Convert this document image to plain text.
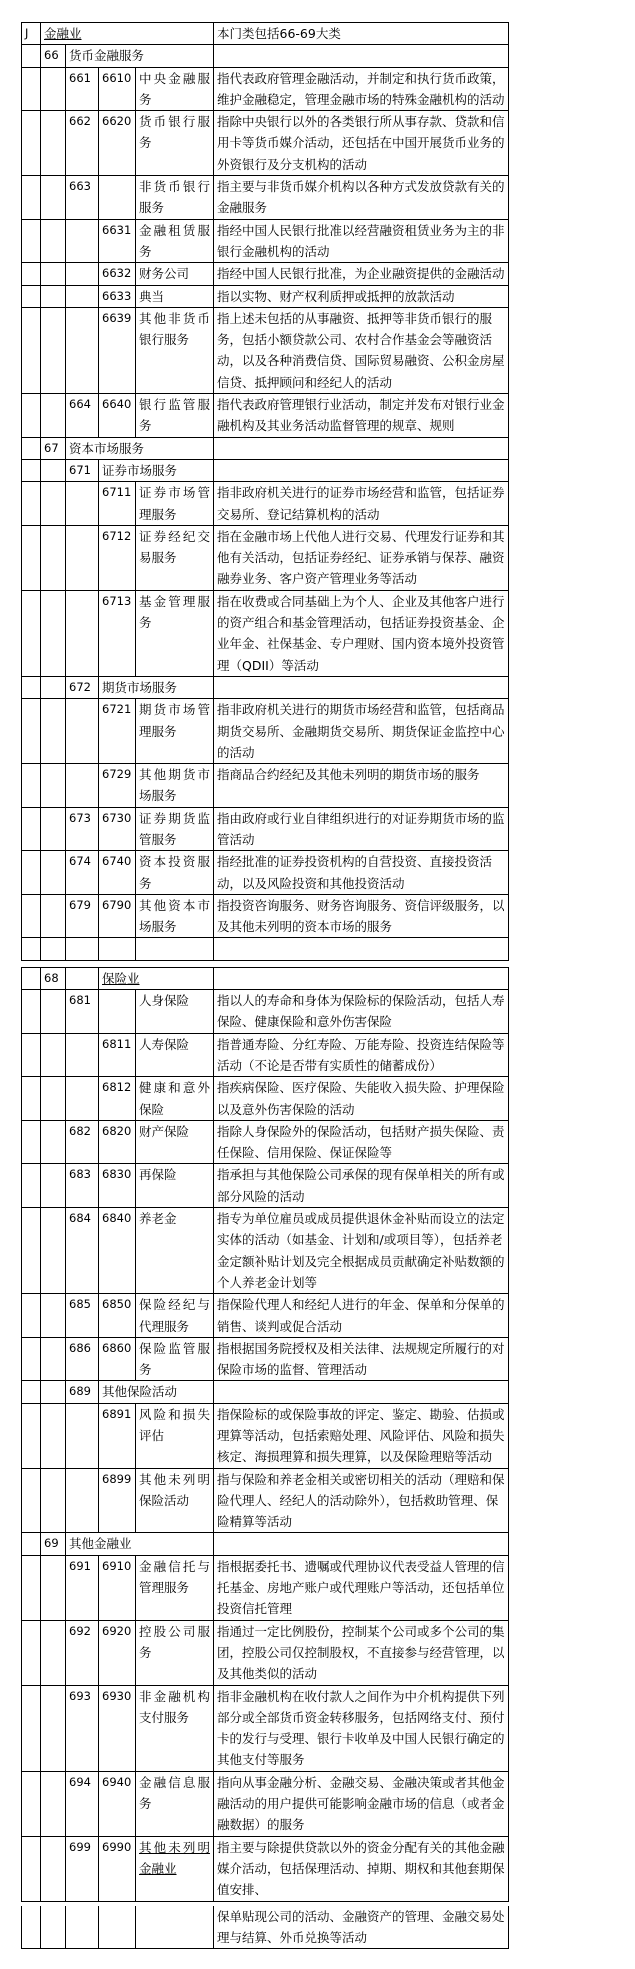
J	金融业				本门类包括66-69大类
	66	货币金融服务			
		661	6610	中央金融服务	指代表政府管理金融活动，并制定和执行货币政策，维护金融稳定，管理金融市场的特殊金融机构的活动
		662	6620	货币银行服务	指除中央银行以外的各类银行所从事存款、贷款和信用卡等货币媒介活动，还包括在中国开展货币业务的外资银行及分支机构的活动
		663		非货币银行服务	指主要与非货币媒介机构以各种方式发放贷款有关的金融服务
			6631	金融租赁服务	指经中国人民银行批准以经营融资租赁业务为主的非银行金融机构的活动
			6632	财务公司	指经中国人民银行批准，为企业融资提供的金融活动
			6633	典当	指以实物、财产权利质押或抵押的放款活动
			6639	其他非货币银行服务	指上述未包括的从事融资、抵押等非货币银行的服务，包括小额贷款公司、农村合作基金会等融资活动，以及各种消费信贷、国际贸易融资、公积金房屋信贷、抵押顾问和经纪人的活动
		664	6640	银行监管服务	指代表政府管理银行业活动，制定并发布对银行业金融机构及其业务活动监督管理的规章、规则
	67	资本市场服务			
		671	证券市场服务		
			6711	证券市场管理服务	指非政府机关进行的证券市场经营和监管，包括证券交易所、登记结算机构的活动
			6712	证券经纪交易服务	指在金融市场上代他人进行交易、代理发行证券和其他有关活动，包括证券经纪、证券承销与保荐、融资融券业务、客户资产管理业务等活动
			6713	基金管理服务	指在收费或合同基础上为个人、企业及其他客户进行的资产组合和基金管理活动，包括证券投资基金、企业年金、社保基金、专户理财、国内资本境外投资管理（QDII）等活动
		672	期货市场服务		
			6721	期货市场管理服务	指非政府机关进行的期货市场经营和监管，包括商品期货交易所、金融期货交易所、期货保证金监控中心的活动
			6729	其他期货市场服务	指商品合约经纪及其他未列明的期货市场的服务
		673	6730	证券期货监管服务	指由政府或行业自律组织进行的对证券期货市场的监管活动
		674	6740	资本投资服务	指经批准的证券投资机构的自营投资、直接投资活动，以及风险投资和其他投资活动
		679	6790	其他资本市场服务	指投资咨询服务、财务咨询服务、资信评级服务，以及其他未列明的资本市场的服务

	68		保险业		
		681		人身保险	指以人的寿命和身体为保险标的保险活动，包括人寿保险、健康保险和意外伤害保险
			6811	人寿保险	指普通寿险、分红寿险、万能寿险、投资连结保险等活动（不论是否带有实质性的储蓄成份）
			6812	健康和意外保险	指疾病保险、医疗保险、失能收入损失险、护理保险以及意外伤害保险的活动
		682	6820	财产保险	指除人身保险外的保险活动，包括财产损失保险、责任保险、信用保险、保证保险等
		683	6830	再保险	指承担与其他保险公司承保的现有保单相关的所有或部分风险的活动
		684	6840	养老金	指专为单位雇员或成员提供退休金补贴而设立的法定实体的活动（如基金、计划和/或项目等），包括养老金定额补贴计划及完全根据成员贡献确定补贴数额的个人养老金计划等
		685	6850	保险经纪与代理服务	指保险代理人和经纪人进行的年金、保单和分保单的销售、谈判或促合活动
		686	6860	保险监管服务	指根据国务院授权及相关法律、法规规定所履行的对保险市场的监督、管理活动
		689	其他保险活动		
			6891	风险和损失评估	指保险标的或保险事故的评定、鉴定、勘验、估损或理算等活动，包括索赔处理、风险评估、风险和损失核定、海损理算和损失理算，以及保险理赔等活动
			6899	其他未列明保险活动	指与保险和养老金相关或密切相关的活动（理赔和保险代理人、经纪人的活动除外），包括救助管理、保险精算等活动
	69	其他金融业			
		691	6910	金融信托与管理服务	指根据委托书、遗嘱或代理协议代表受益人管理的信托基金、房地产账户或代理账户等活动，还包括单位投资信托管理
		692	6920	控股公司服务	指通过一定比例股份，控制某个公司或多个公司的集团，控股公司仅控制股权，不直接参与经营管理，以及其他类似的活动
		693	6930	非金融机构支付服务	指非金融机构在收付款人之间作为中介机构提供下列部分或全部货币资金转移服务，包括网络支付、预付卡的发行与受理、银行卡收单及中国人民银行确定的其他支付等服务
		694	6940	金融信息服务	指向从事金融分析、金融交易、金融决策或者其他金融活动的用户提供可能影响金融市场的信息（或者金融数据）的服务
		699	6990	其他未列明金融业	指主要与除提供贷款以外的资金分配有关的其他金融媒介活动，包括保理活动、掉期、期权和其他套期保值安排、
					保单贴现公司的活动、金融资产的管理、金融交易处理与结算、外币兑换等活动
